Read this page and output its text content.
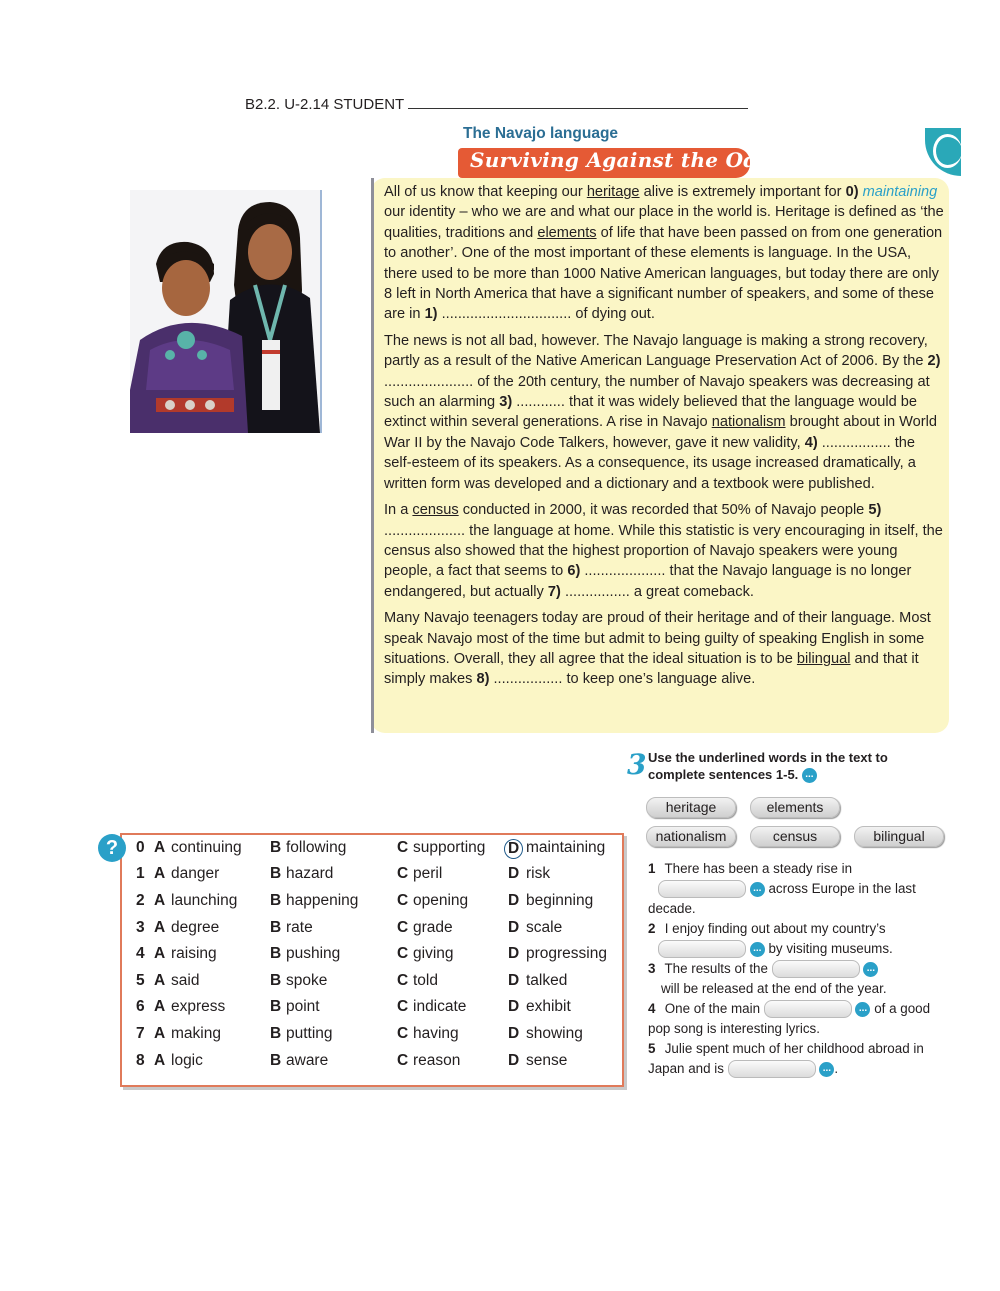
B2.2. U-2.14 STUDENT
The Navajo language
Surviving Against the Odds

All of us know that keeping our heritage alive is extremely important for 0) maintaining our identity – who we are and what our place in the world is. Heritage is defined as ‘the qualities, traditions and elements of life that have been passed on from one generation to another’. One of the most important of these elements is language. In the USA, there used to be more than 1000 Native American languages, but today there are only 8 left in North America that have a significant number of speakers, and some of these are in 1) ................................ of dying out.

The news is not all bad, however. The Navajo language is making a strong recovery, partly as a result of the Native American Language Preservation Act of 2006. By the 2) ...................... of the 20th century, the number of Navajo speakers was decreasing at such an alarming 3) ............ that it was widely believed that the language would be extinct within several generations. A rise in Navajo nationalism brought about in World War II by the Navajo Code Talkers, however, gave it new validity, 4) ................. the self-esteem of its speakers. As a consequence, its usage increased dramatically, a written form was developed and a dictionary and a textbook were published.

In a census conducted in 2000, it was recorded that 50% of Navajo people 5) .................... the language at home. While this statistic is very encouraging in itself, the census also showed that the highest proportion of Navajo speakers were young people, a fact that seems to 6) .................... that the Navajo language is no longer endangered, but actually 7) ................ a great comeback.

Many Navajo teenagers today are proud of their heritage and of their language. Most speak Navajo most of the time but admit to being guilty of speaking English in some situations. Overall, they all agree that the ideal situation is to be bilingual and that it simply makes 8) ................. to keep one’s language alive.

3 Use the underlined words in the text to complete sentences 1-5. ...
heritage	elements
nationalism	census	bilingual
1 There has been a steady rise in
... across Europe in the last decade.
2 I enjoy finding out about my country’s
... by visiting museums.
3 The results of the	...
will be released at the end of the year.
4 One of the main	... of a good pop song is interesting lyrics.
5 Julie spent much of her childhood abroad in Japan and is	... .
?	0 A continuing B following	C supporting D maintaining
1 A danger	B hazard	C peril	D risk
2 A launching B happening C opening	D beginning
3 A degree	B rate	C grade	D scale
4 A raising	B pushing	C giving	D progressing
5 A said	B spoke	C told	D talked
6 A express	B point	C indicate	D exhibit
7 A making	B putting	C having	D showing
8 A logic	B aware	C reason	D sense
